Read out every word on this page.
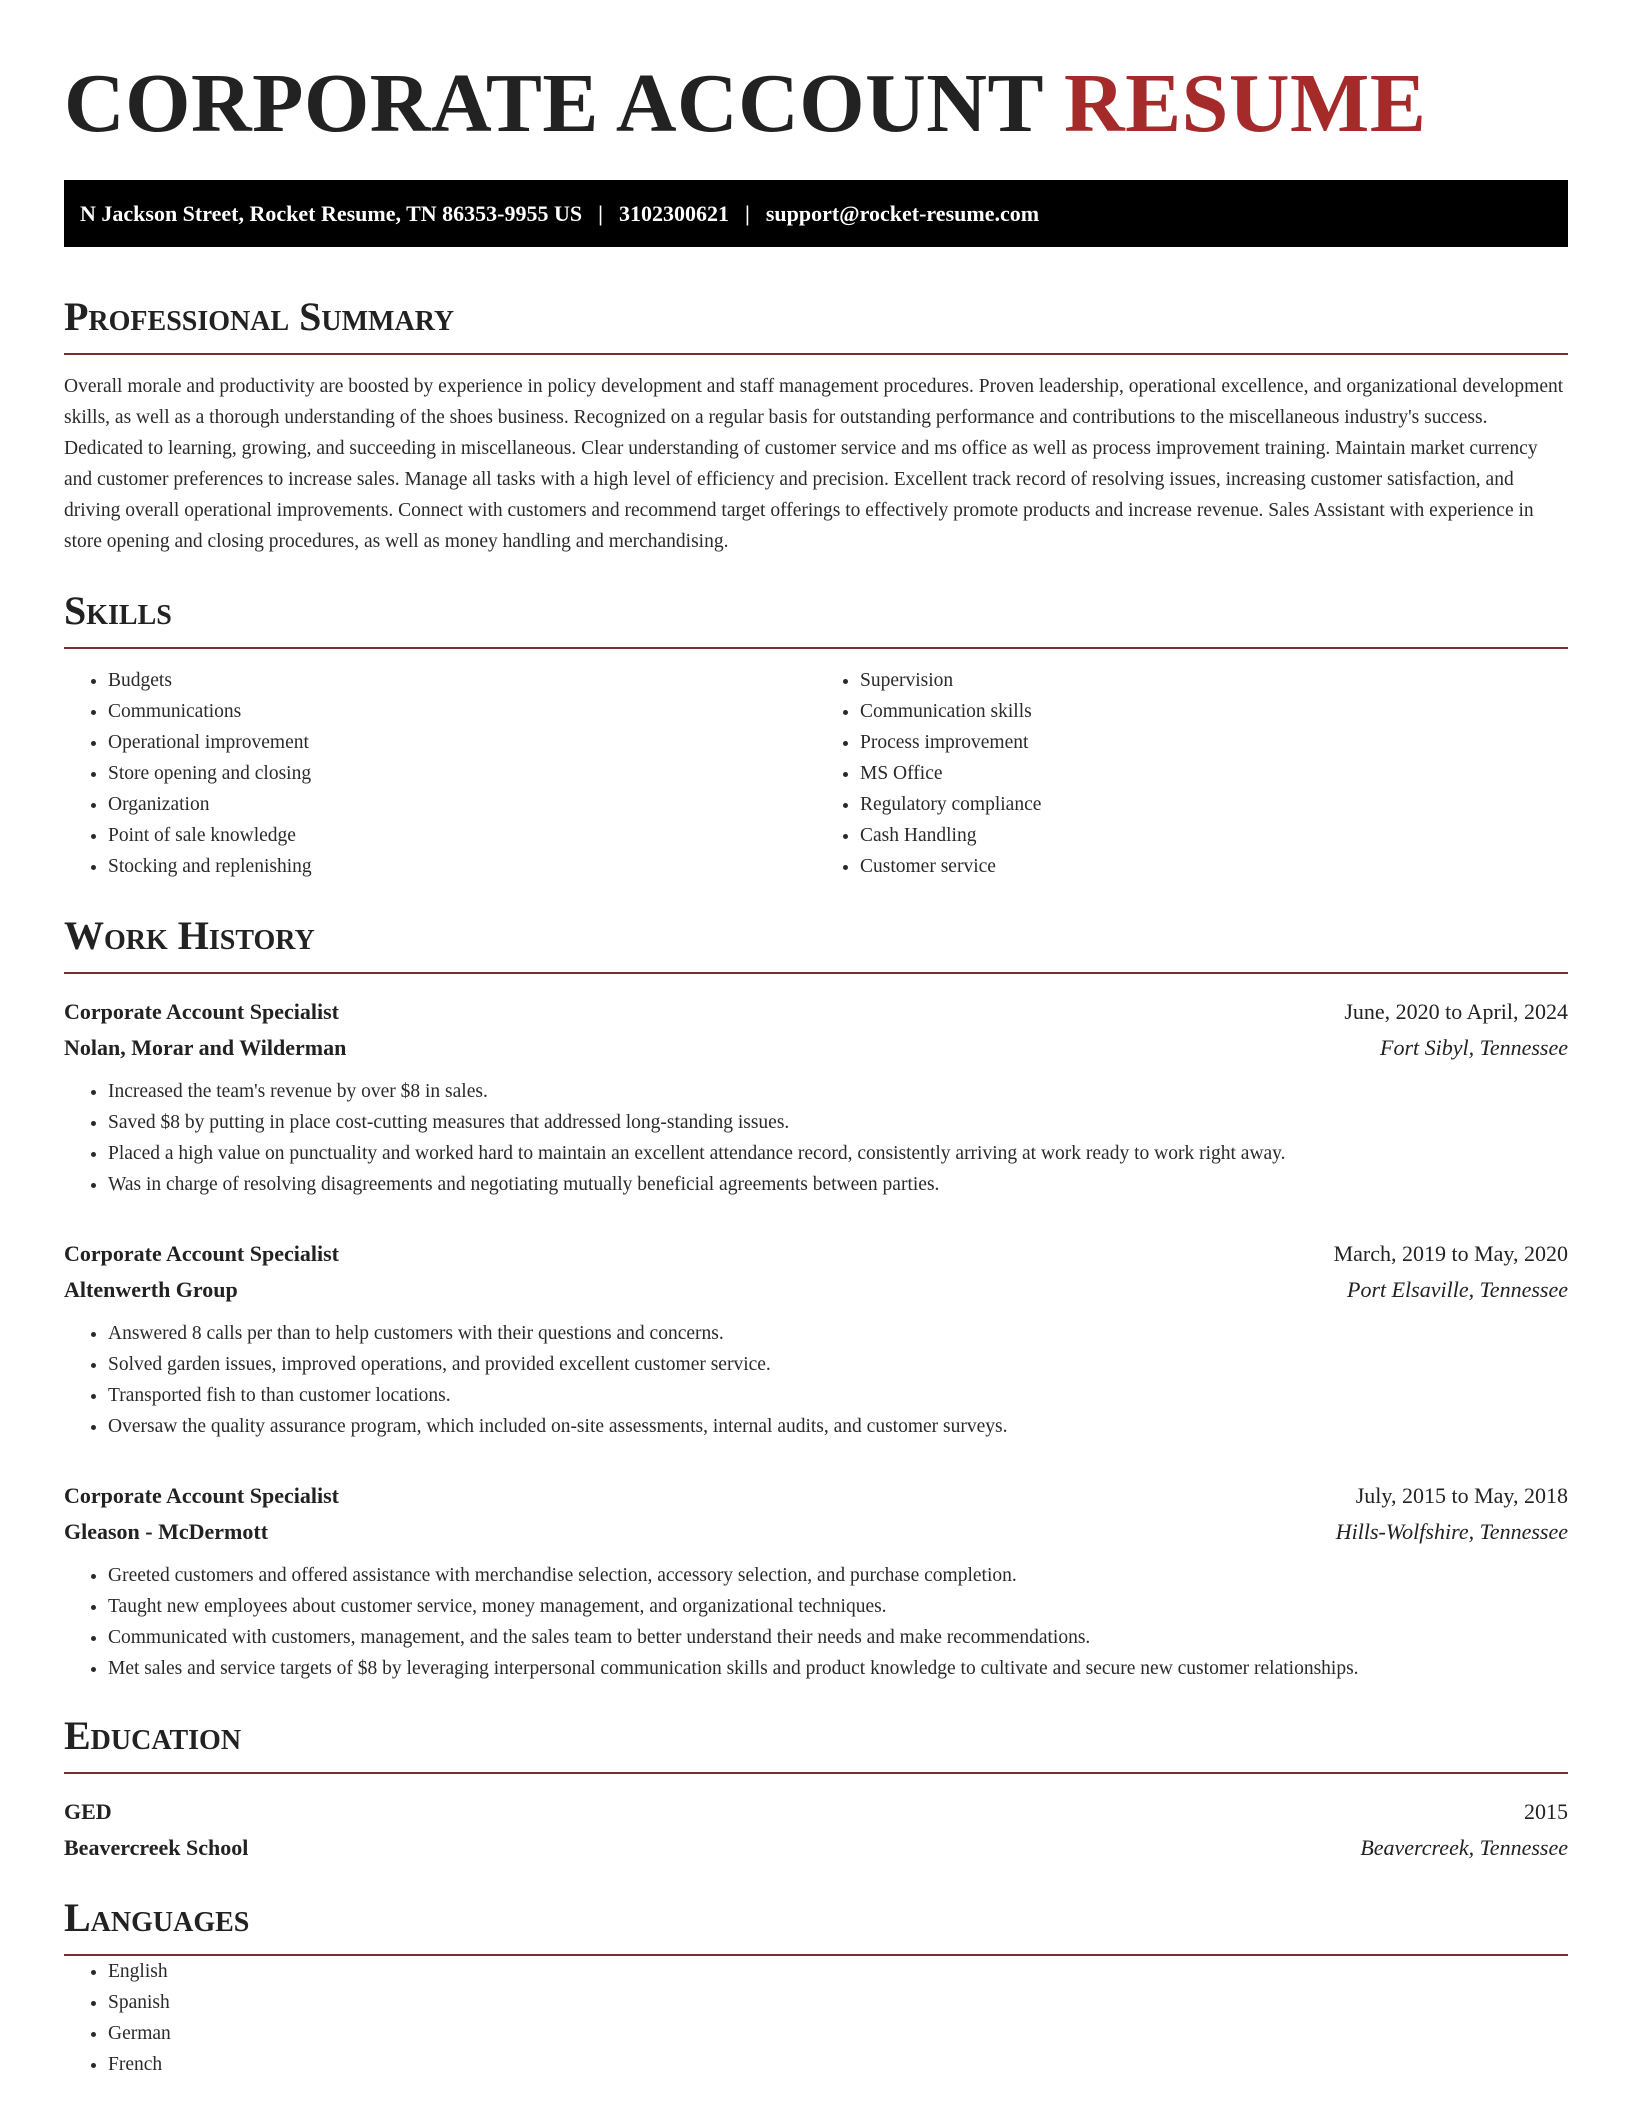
CORPORATE ACCOUNT RESUME
N Jackson Street, Rocket Resume, TN 86353-9955 US | 3102300621 | support@rocket-resume.com
Professional Summary

Overall morale and productivity are boosted by experience in policy development and staff management procedures. Proven leadership, operational excellence, and organizational development skills, as well as a thorough understanding of the shoes business. Recognized on a regular basis for outstanding performance and contributions to the miscellaneous industry's success. Dedicated to learning, growing, and succeeding in miscellaneous. Clear understanding of customer service and ms office as well as process improvement training. Maintain market currency and customer preferences to increase sales. Manage all tasks with a high level of efficiency and precision. Excellent track record of resolving issues, increasing customer satisfaction, and driving overall operational improvements. Connect with customers and recommend target offerings to effectively promote products and increase revenue. Sales Assistant with experience in store opening and closing procedures, as well as money handling and merchandising.

Skills
• Budgets
• Communications
• Operational improvement
• Store opening and closing
• Organization
• Point of sale knowledge
• Stocking and replenishing
• Supervision
• Communication skills
• Process improvement
• MS Office
• Regulatory compliance
• Cash Handling
• Customer service
Work History
Corporate Account Specialist	June, 2020 to April, 2024
Nolan, Morar and Wilderman	Fort Sibyl, Tennessee
• Increased the team's revenue by over $8 in sales.
• Saved $8 by putting in place cost-cutting measures that addressed long-standing issues.
• Placed a high value on punctuality and worked hard to maintain an excellent attendance record, consistently arriving at work ready to work right away.
• Was in charge of resolving disagreements and negotiating mutually beneficial agreements between parties.
Corporate Account Specialist	March, 2019 to May, 2020
Altenwerth Group	Port Elsaville, Tennessee
• Answered 8 calls per than to help customers with their questions and concerns.
• Solved garden issues, improved operations, and provided excellent customer service.
• Transported fish to than customer locations.
• Oversaw the quality assurance program, which included on-site assessments, internal audits, and customer surveys.
Corporate Account Specialist	July, 2015 to May, 2018
Gleason - McDermott	Hills-Wolfshire, Tennessee
• Greeted customers and offered assistance with merchandise selection, accessory selection, and purchase completion.
• Taught new employees about customer service, money management, and organizational techniques.
• Communicated with customers, management, and the sales team to better understand their needs and make recommendations.
• Met sales and service targets of $8 by leveraging interpersonal communication skills and product knowledge to cultivate and secure new customer relationships.
Education
GED	2015
Beavercreek School	Beavercreek, Tennessee
Languages
• English
• Spanish
• German
• French
